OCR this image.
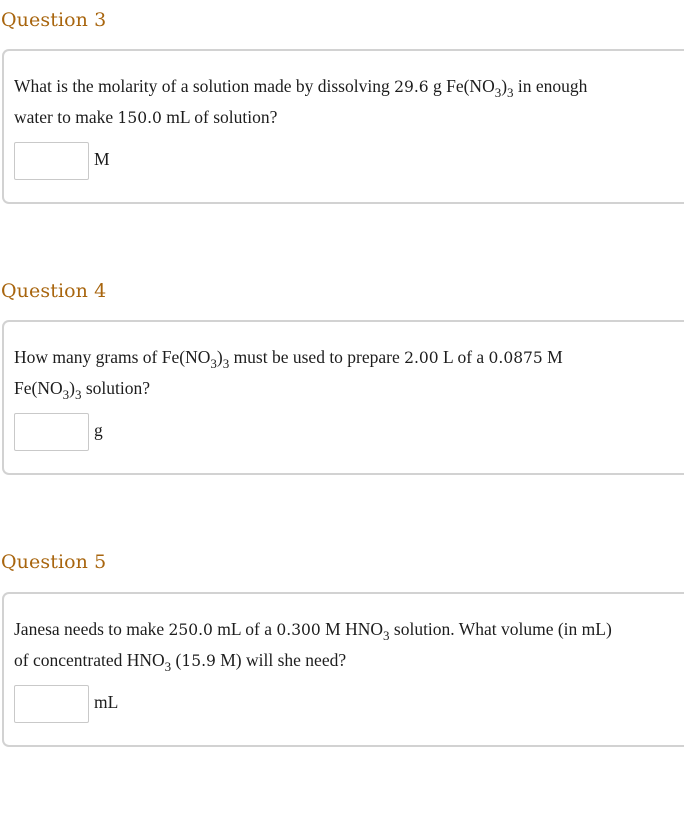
Question 3
What is the molarity of a solution made by dissolving 29.6 g $Fe(NO_3)_3$ in enough
water to make 150.0 mL of solution?
M
Question 4
How many grams of $Fe(NO_3)_3$ must be used to prepare 2.00 L of a 0.0875 M
$Fe(NO_3)_3$ solution?
g
Question 5
Janesa needs to make 250.0 mL of a 0.300 M $HNO_3$ solution. What volume (in mL)
of concentrated $HNO_3$ (15.9 M) will she need?
mL
